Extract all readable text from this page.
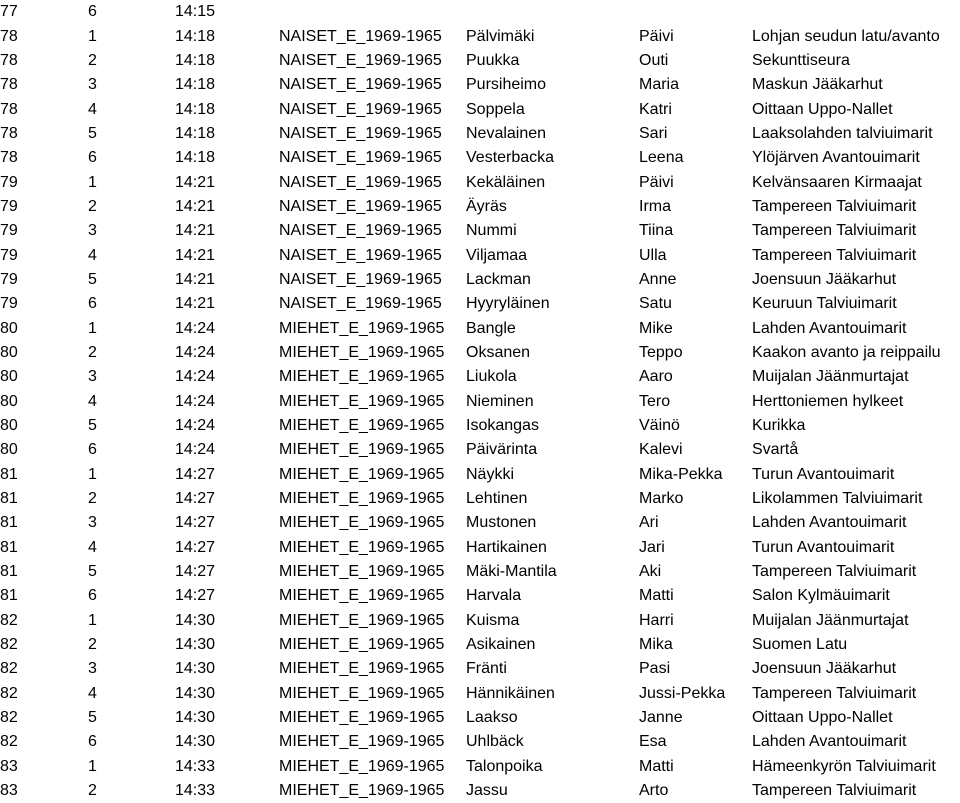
77	6	14:15				
78	1	14:18	NAISET_E_1969-1965	Pälvimäki	Päivi	Lohjan seudun latu/avanto
78	2	14:18	NAISET_E_1969-1965	Puukka	Outi	Sekunttiseura
78	3	14:18	NAISET_E_1969-1965	Pursiheimo	Maria	Maskun Jääkarhut
78	4	14:18	NAISET_E_1969-1965	Soppela	Katri	Oittaan Uppo-Nallet
78	5	14:18	NAISET_E_1969-1965	Nevalainen	Sari	Laaksolahden talviuimarit
78	6	14:18	NAISET_E_1969-1965	Vesterbacka	Leena	Ylöjärven Avantouimarit
79	1	14:21	NAISET_E_1969-1965	Kekäläinen	Päivi	Kelvänsaaren Kirmaajat
79	2	14:21	NAISET_E_1969-1965	Äyräs	Irma	Tampereen Talviuimarit
79	3	14:21	NAISET_E_1969-1965	Nummi	Tiina	Tampereen Talviuimarit
79	4	14:21	NAISET_E_1969-1965	Viljamaa	Ulla	Tampereen Talviuimarit
79	5	14:21	NAISET_E_1969-1965	Lackman	Anne	Joensuun Jääkarhut
79	6	14:21	NAISET_E_1969-1965	Hyyryläinen	Satu	Keuruun Talviuimarit
80	1	14:24	MIEHET_E_1969-1965	Bangle	Mike	Lahden Avantouimarit
80	2	14:24	MIEHET_E_1969-1965	Oksanen	Teppo	Kaakon avanto ja reippailu
80	3	14:24	MIEHET_E_1969-1965	Liukola	Aaro	Muijalan Jäänmurtajat
80	4	14:24	MIEHET_E_1969-1965	Nieminen	Tero	Herttoniemen hylkeet
80	5	14:24	MIEHET_E_1969-1965	Isokangas	Väinö	Kurikka
80	6	14:24	MIEHET_E_1969-1965	Päivärinta	Kalevi	Svartå
81	1	14:27	MIEHET_E_1969-1965	Näykki	Mika-Pekka	Turun Avantouimarit
81	2	14:27	MIEHET_E_1969-1965	Lehtinen	Marko	Likolammen Talviuimarit
81	3	14:27	MIEHET_E_1969-1965	Mustonen	Ari	Lahden Avantouimarit
81	4	14:27	MIEHET_E_1969-1965	Hartikainen	Jari	Turun Avantouimarit
81	5	14:27	MIEHET_E_1969-1965	Mäki-Mantila	Aki	Tampereen Talviuimarit
81	6	14:27	MIEHET_E_1969-1965	Harvala	Matti	Salon Kylmäuimarit
82	1	14:30	MIEHET_E_1969-1965	Kuisma	Harri	Muijalan Jäänmurtajat
82	2	14:30	MIEHET_E_1969-1965	Asikainen	Mika	Suomen Latu
82	3	14:30	MIEHET_E_1969-1965	Fränti	Pasi	Joensuun Jääkarhut
82	4	14:30	MIEHET_E_1969-1965	Hännikäinen	Jussi-Pekka	Tampereen Talviuimarit
82	5	14:30	MIEHET_E_1969-1965	Laakso	Janne	Oittaan Uppo-Nallet
82	6	14:30	MIEHET_E_1969-1965	Uhlbäck	Esa	Lahden Avantouimarit
83	1	14:33	MIEHET_E_1969-1965	Talonpoika	Matti	Hämeenkyrön Talviuimarit
83	2	14:33	MIEHET_E_1969-1965	Jassu	Arto	Tampereen Talviuimarit
